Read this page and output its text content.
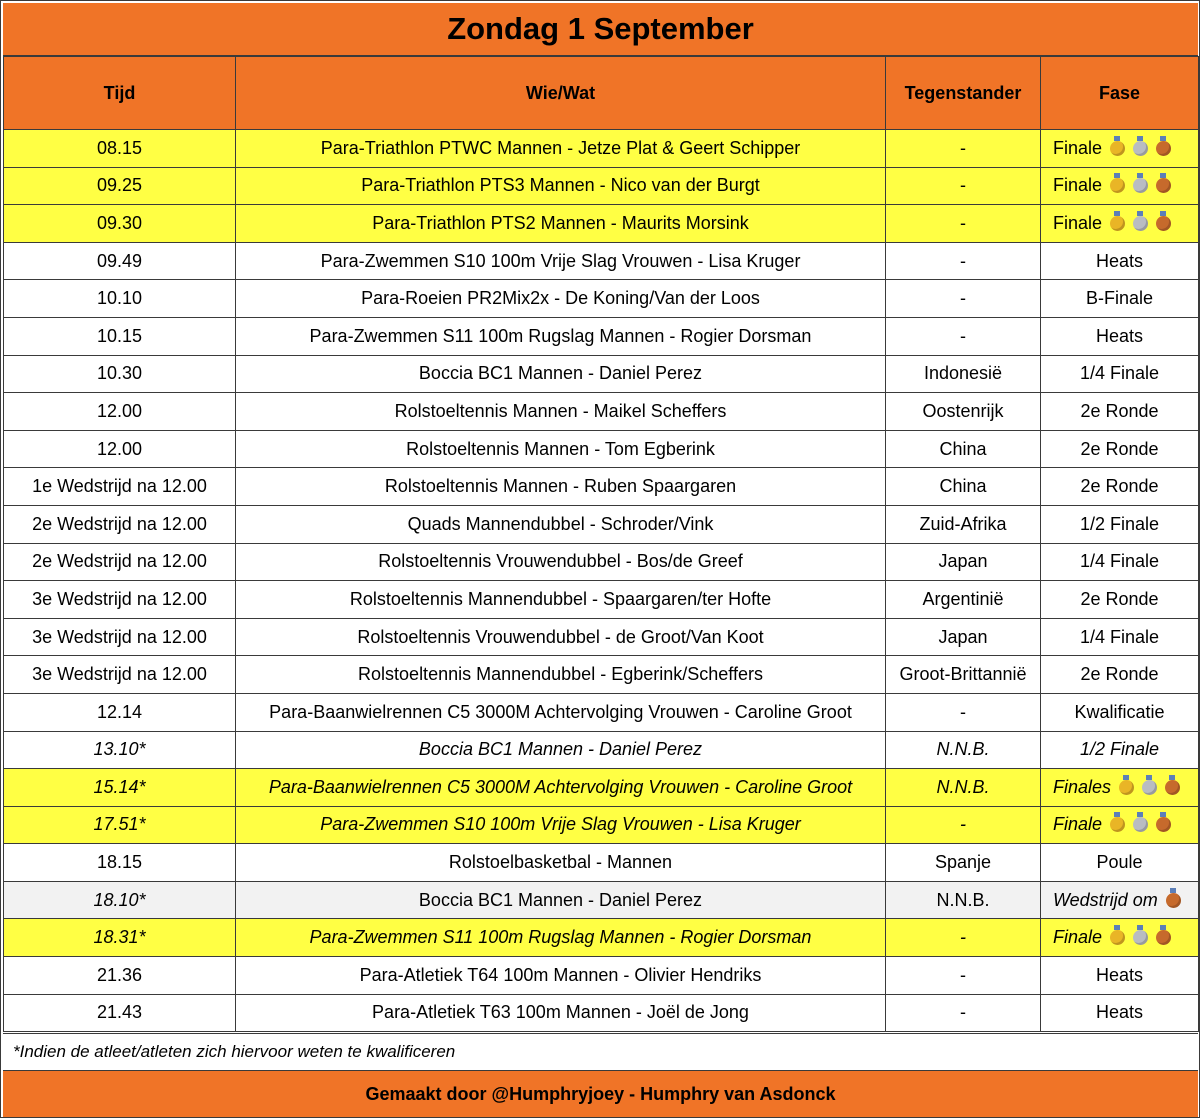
Zondag 1 September
Tijd	Wie/Wat	Tegenstander	Fase
08.15	Para-Triathlon PTWC Mannen - Jetze Plat & Geert Schipper	-	Finale
09.25	Para-Triathlon PTS3 Mannen - Nico van der Burgt	-	Finale
09.30	Para-Triathlon PTS2 Mannen - Maurits Morsink	-	Finale
09.49	Para-Zwemmen S10 100m Vrije Slag Vrouwen - Lisa Kruger	-	Heats
10.10	Para-Roeien PR2Mix2x - De Koning/Van der Loos	-	B-Finale
10.15	Para-Zwemmen S11 100m Rugslag Mannen - Rogier Dorsman	-	Heats
10.30	Boccia BC1 Mannen - Daniel Perez	Indonesië	1/4 Finale
12.00	Rolstoeltennis Mannen - Maikel Scheffers	Oostenrijk	2e Ronde
12.00	Rolstoeltennis Mannen - Tom Egberink	China	2e Ronde
1e Wedstrijd na 12.00	Rolstoeltennis Mannen - Ruben Spaargaren	China	2e Ronde
2e Wedstrijd na 12.00	Quads Mannendubbel - Schroder/Vink	Zuid-Afrika	1/2 Finale
2e Wedstrijd na 12.00	Rolstoeltennis Vrouwendubbel - Bos/de Greef	Japan	1/4 Finale
3e Wedstrijd na 12.00	Rolstoeltennis Mannendubbel - Spaargaren/ter Hofte	Argentinië	2e Ronde
3e Wedstrijd na 12.00	Rolstoeltennis Vrouwendubbel - de Groot/Van Koot	Japan	1/4 Finale
3e Wedstrijd na 12.00	Rolstoeltennis Mannendubbel - Egberink/Scheffers	Groot-Brittannië	2e Ronde
12.14	Para-Baanwielrennen C5 3000M Achtervolging Vrouwen - Caroline Groot	-	Kwalificatie
13.10*	Boccia BC1 Mannen - Daniel Perez	N.N.B.	1/2 Finale
15.14*	Para-Baanwielrennen C5 3000M Achtervolging Vrouwen - Caroline Groot	N.N.B.	Finales
17.51*	Para-Zwemmen S10 100m Vrije Slag Vrouwen - Lisa Kruger	-	Finale
18.15	Rolstoelbasketbal - Mannen	Spanje	Poule
18.10*	Boccia BC1 Mannen - Daniel Perez	N.N.B.	Wedstrijd om
18.31*	Para-Zwemmen S11 100m Rugslag Mannen - Rogier Dorsman	-	Finale
21.36	Para-Atletiek T64 100m Mannen - Olivier Hendriks	-	Heats
21.43	Para-Atletiek T63 100m Mannen - Joël de Jong	-	Heats
*Indien de atleet/atleten zich hiervoor weten te kwalificeren
Gemaakt door @Humphryjoey - Humphry van Asdonck
